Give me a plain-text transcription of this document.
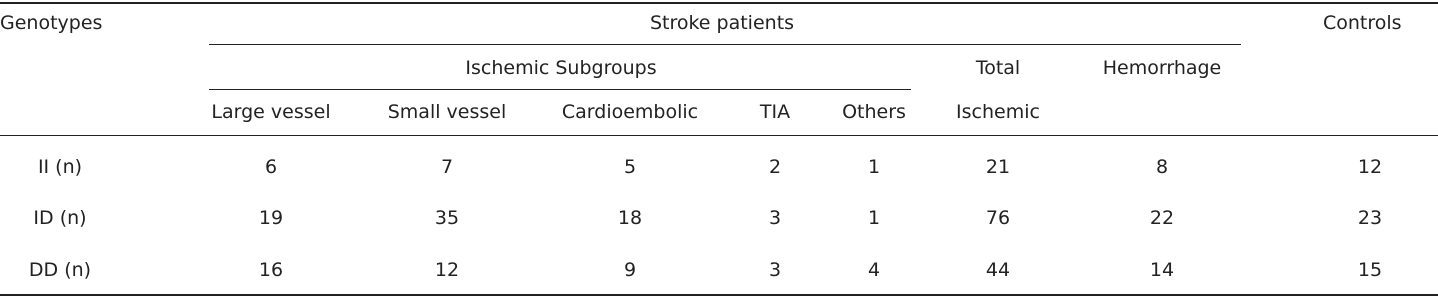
Genotypes	Stroke patients	Controls
Ischemic Subgroups	Total	Hemorrhage
Large vessel	Small vessel	Cardioembolic	TIA	Others	Ischemic
II (n)	6	7	5	2	1	21	8	12
ID (n)	19	35	18	3	1	76	22	23
DD (n)	16	12	9	3	4	44	14	15
